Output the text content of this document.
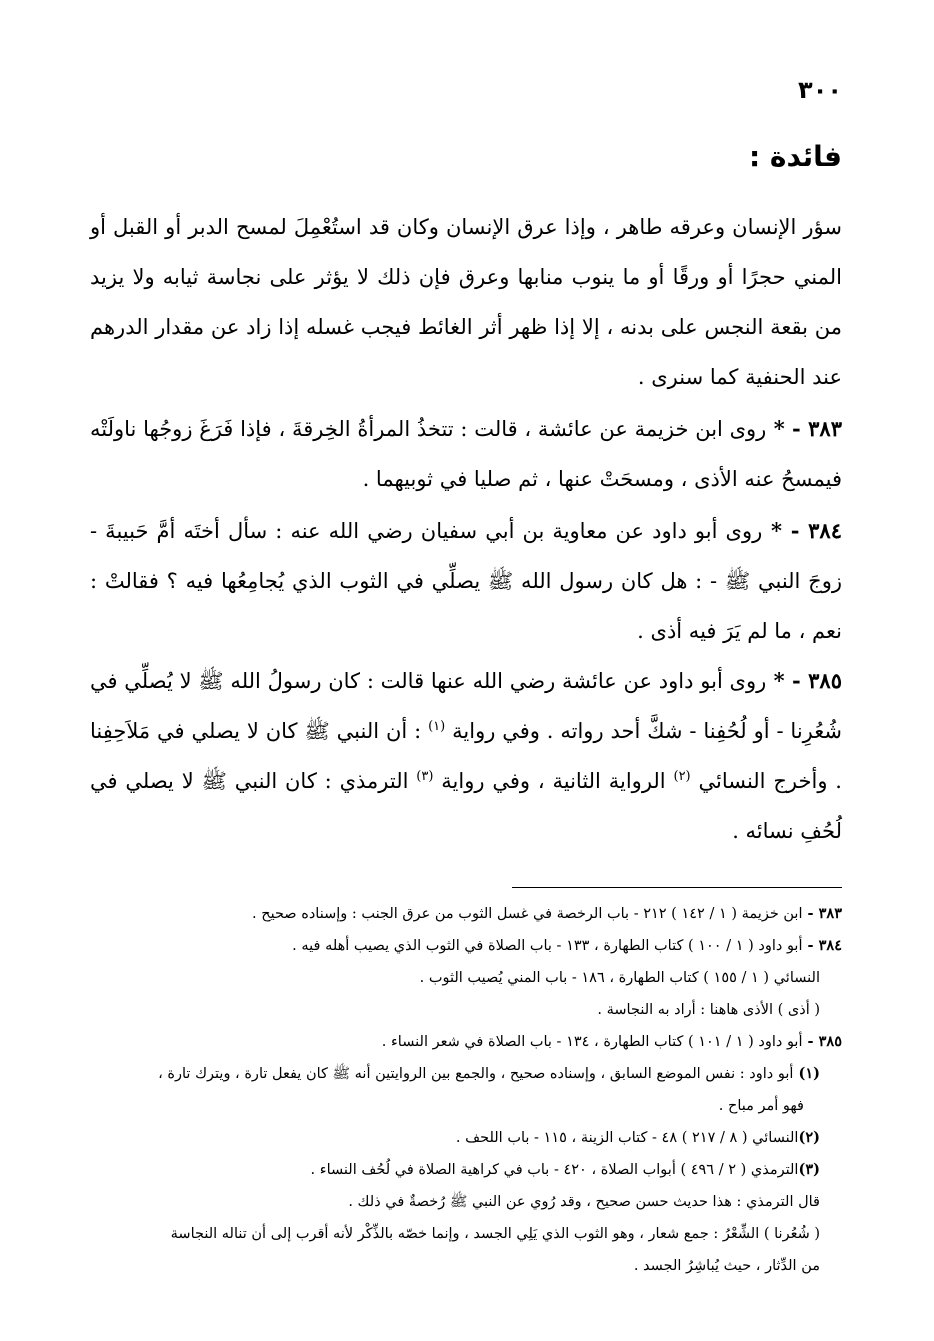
٣٠٠
فائدة :

سؤر الإنسان وعرقه طاهر ، وإذا عرق الإنسان وكان قد استُعْمِلَ لمسح الدبر أو القبل أو المني حجرًا أو ورقًا أو ما ينوب منابها وعرق فإن ذلك لا يؤثر على نجاسة ثيابه ولا يزيد من بقعة النجس على بدنه ، إلا إذا ظهر أثر الغائط فيجب غسله إذا زاد عن مقدار الدرهم عند الحنفية كما سنرى .

٣٨٣ - * روى ابن خزيمة عن عائشة ، قالت : تتخذُ المرأةُ الخِرقةَ ، فإذا فَرَغَ زوجُها ناولَتْه فيمسحُ عنه الأذى ، ومسحَتْ عنها ، ثم صليا في ثوبيهما .

٣٨٤ - * روى أبو داود عن معاوية بن أبي سفيان رضي الله عنه : سأل أختَه أمَّ حَبيبةَ - زوجَ النبي ﷺ - : هل كان رسول الله ﷺ يصلِّي في الثوب الذي يُجامِعُها فيه ؟ فقالتْ : نعم ، ما لم يَرَ فيه أذى .

٣٨٥ - * روى أبو داود عن عائشة رضي الله عنها قالت : كان رسولُ الله ﷺ لا يُصلِّي في شُعُرِنا - أو لُحُفِنا - شكَّ أحد رواته . وفي رواية $^{(١)}$ : أن النبي ﷺ كان لا يصلي في مَلاَحِفِنا . وأخرج النسائي $^{(٢)}$ الرواية الثانية ، وفي رواية $^{(٣)}$ الترمذي : كان النبي ﷺ لا يصلي في لُحُفِ نسائه .

٣٨٣ - ابن خزيمة ( ١ / ١٤٢ ) ٢١٢ - باب الرخصة في غسل الثوب من عرق الجنب : وإسناده صحيح .

٣٨٤ - أبو داود ( ١ / ١٠٠ ) كتاب الطهارة ، ١٣٣ - باب الصلاة في الثوب الذي يصيب أهله فيه .

النسائي ( ١ / ١٥٥ ) كتاب الطهارة ، ١٨٦ - باب المني يُصيب الثوب .

( أذى ) الأذى هاهنا : أراد به النجاسة .

٣٨٥ - أبو داود ( ١ / ١٠١ ) كتاب الطهارة ، ١٣٤ - باب الصلاة في شعر النساء .

(١) أبو داود : نفس الموضع السابق ، وإسناده صحيح ، والجمع بين الروايتين أنه ﷺ كان يفعل تارة ، ويترك تارة ،

فهو أمر مباح .

(٢)النسائي ( ٨ / ٢١٧ ) ٤٨ - كتاب الزينة ، ١١٥ - باب اللحف .

(٣)الترمذي ( ٢ / ٤٩٦ ) أبواب الصلاة ، ٤٢٠ - باب في كراهية الصلاة في لُحُف النساء .

قال الترمذي : هذا حديث حسن صحيح ، وقد رُوي عن النبي ﷺ رُخصةٌ في ذلك .

( شُعُرنا ) الشِّعْرُ : جمع شعار ، وهو الثوب الذي يَلِي الجسد ، وإنما خصّه بالذِّكْر لأنه أقرب إلى أن تناله النجاسة

من الدِّثار ، حيث يُباشِرُ الجسد .
